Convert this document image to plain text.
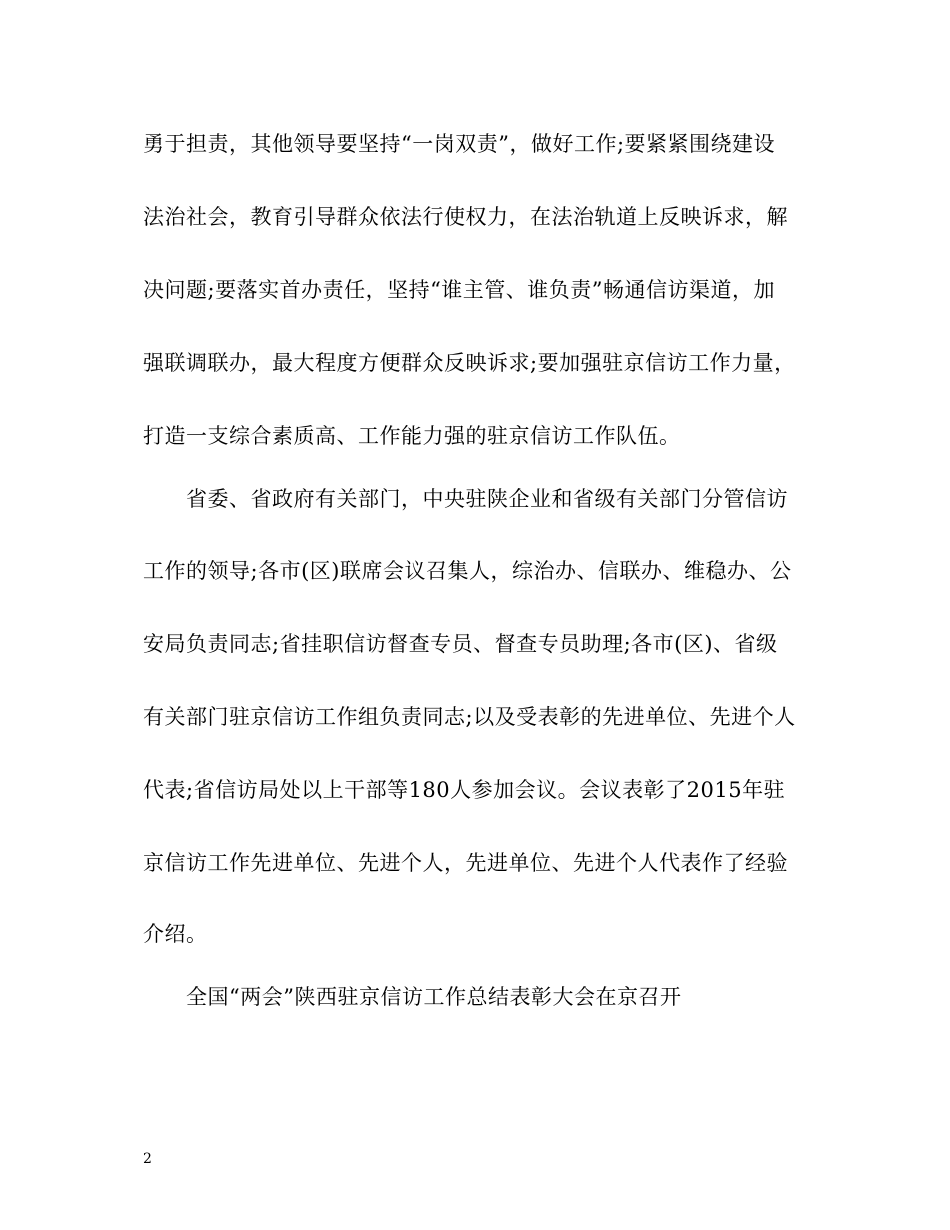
勇于担责，其他领导要坚持“一岗双责”，做好工作;要紧紧围绕建设
法治社会，教育引导群众依法行使权力，在法治轨道上反映诉求，解
决问题;要落实首办责任，坚持“谁主管、谁负责”畅通信访渠道，加
强联调联办，最大程度方便群众反映诉求;要加强驻京信访工作力量，
打造一支综合素质高、工作能力强的驻京信访工作队伍。
省委、省政府有关部门，中央驻陕企业和省级有关部门分管信访
工作的领导;各市(区)联席会议召集人，综治办、信联办、维稳办、公
安局负责同志;省挂职信访督查专员、督查专员助理;各市(区)、省级
有关部门驻京信访工作组负责同志;以及受表彰的先进单位、先进个人
代表;省信访局处以上干部等180人参加会议。会议表彰了2015年驻
京信访工作先进单位、先进个人，先进单位、先进个人代表作了经验
介绍。
全国“两会”陕西驻京信访工作总结表彰大会在京召开
2
